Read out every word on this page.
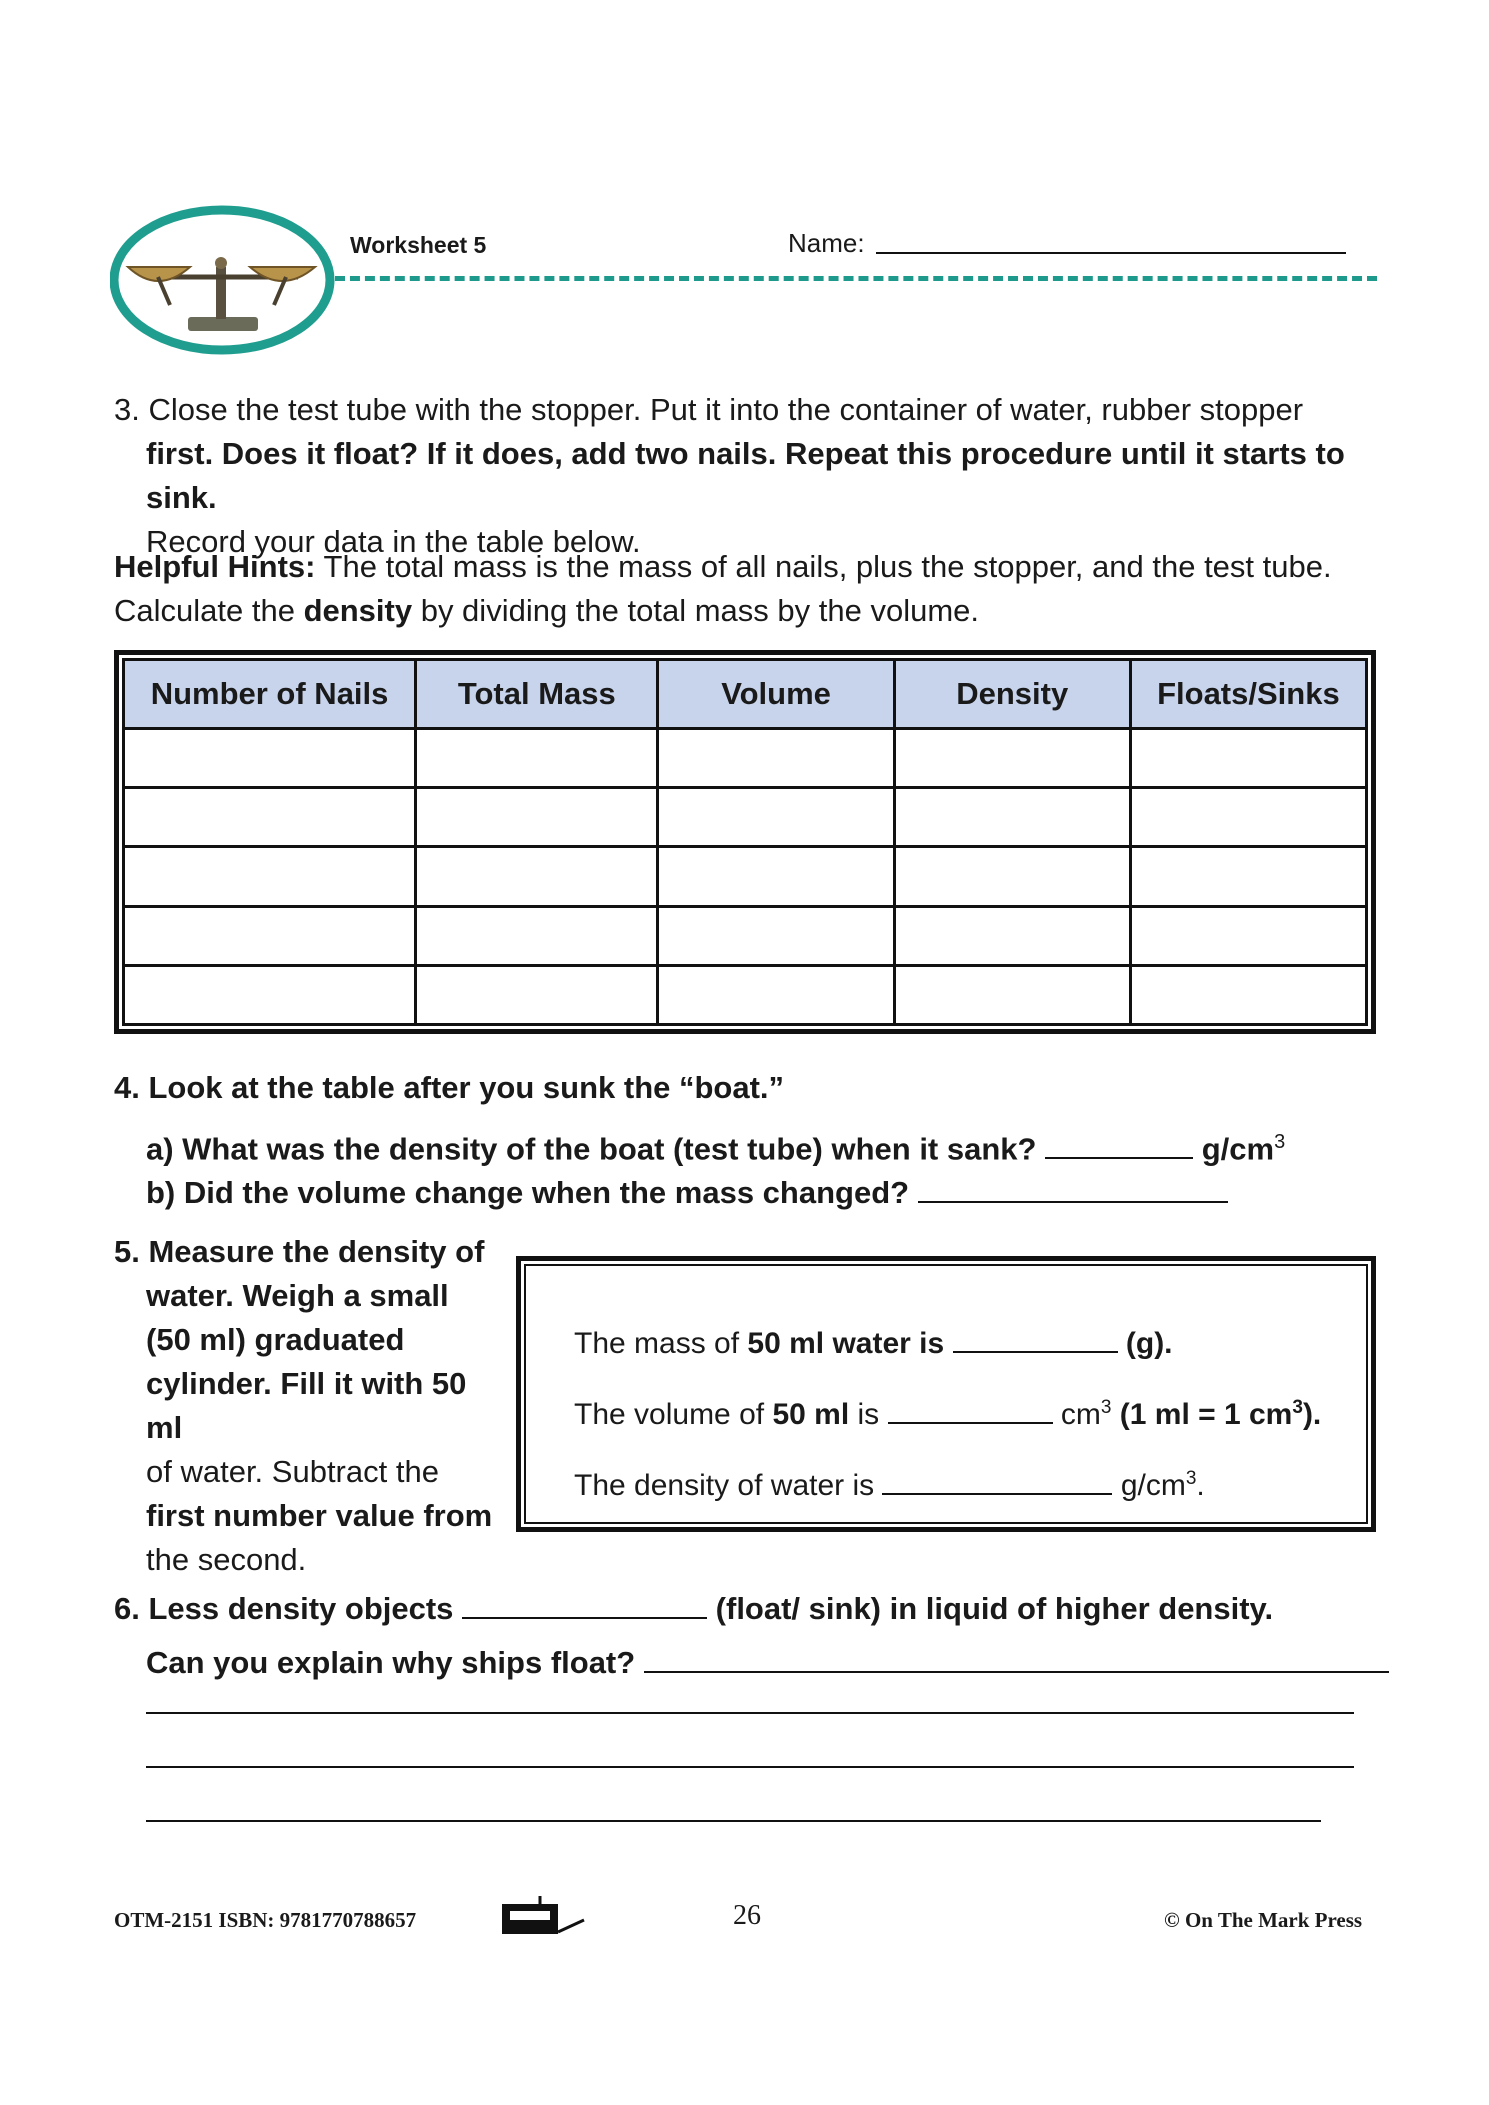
Worksheet 5	Name:
3. Close the test tube with the stopper. Put it into the container of water, rubber stopper
first. Does it float? If it does, add two nails. Repeat this procedure until it starts to sink.
Record your data in the table below.
Helpful Hints: The total mass is the mass of all nails, plus the stopper, and the test tube.
Calculate the density by dividing the total mass by the volume.
Number of Nails	Total Mass	Volume	Density	Floats/Sinks

4. Look at the table after you sunk the “boat.”
a) What was the density of the boat (test tube) when it sank?	$g/cm^3$
b) Did the volume change when the mass changed?
5. Measure the density of
water. Weigh a small
(50 ml) graduated
cylinder. Fill it with 50 ml
of water. Subtract the
first number value from
the second.
The mass of 50 ml water is	(g).
The volume of 50 ml is	$cm^3$ (1 ml = 1 $cm^3$).
The density of water is	$g/cm^3$.
6. Less density objects	(float/ sink) in liquid of higher density.
Can you explain why ships float?
OTM-2151 ISBN: 9781770788657	26	© On The Mark Press
